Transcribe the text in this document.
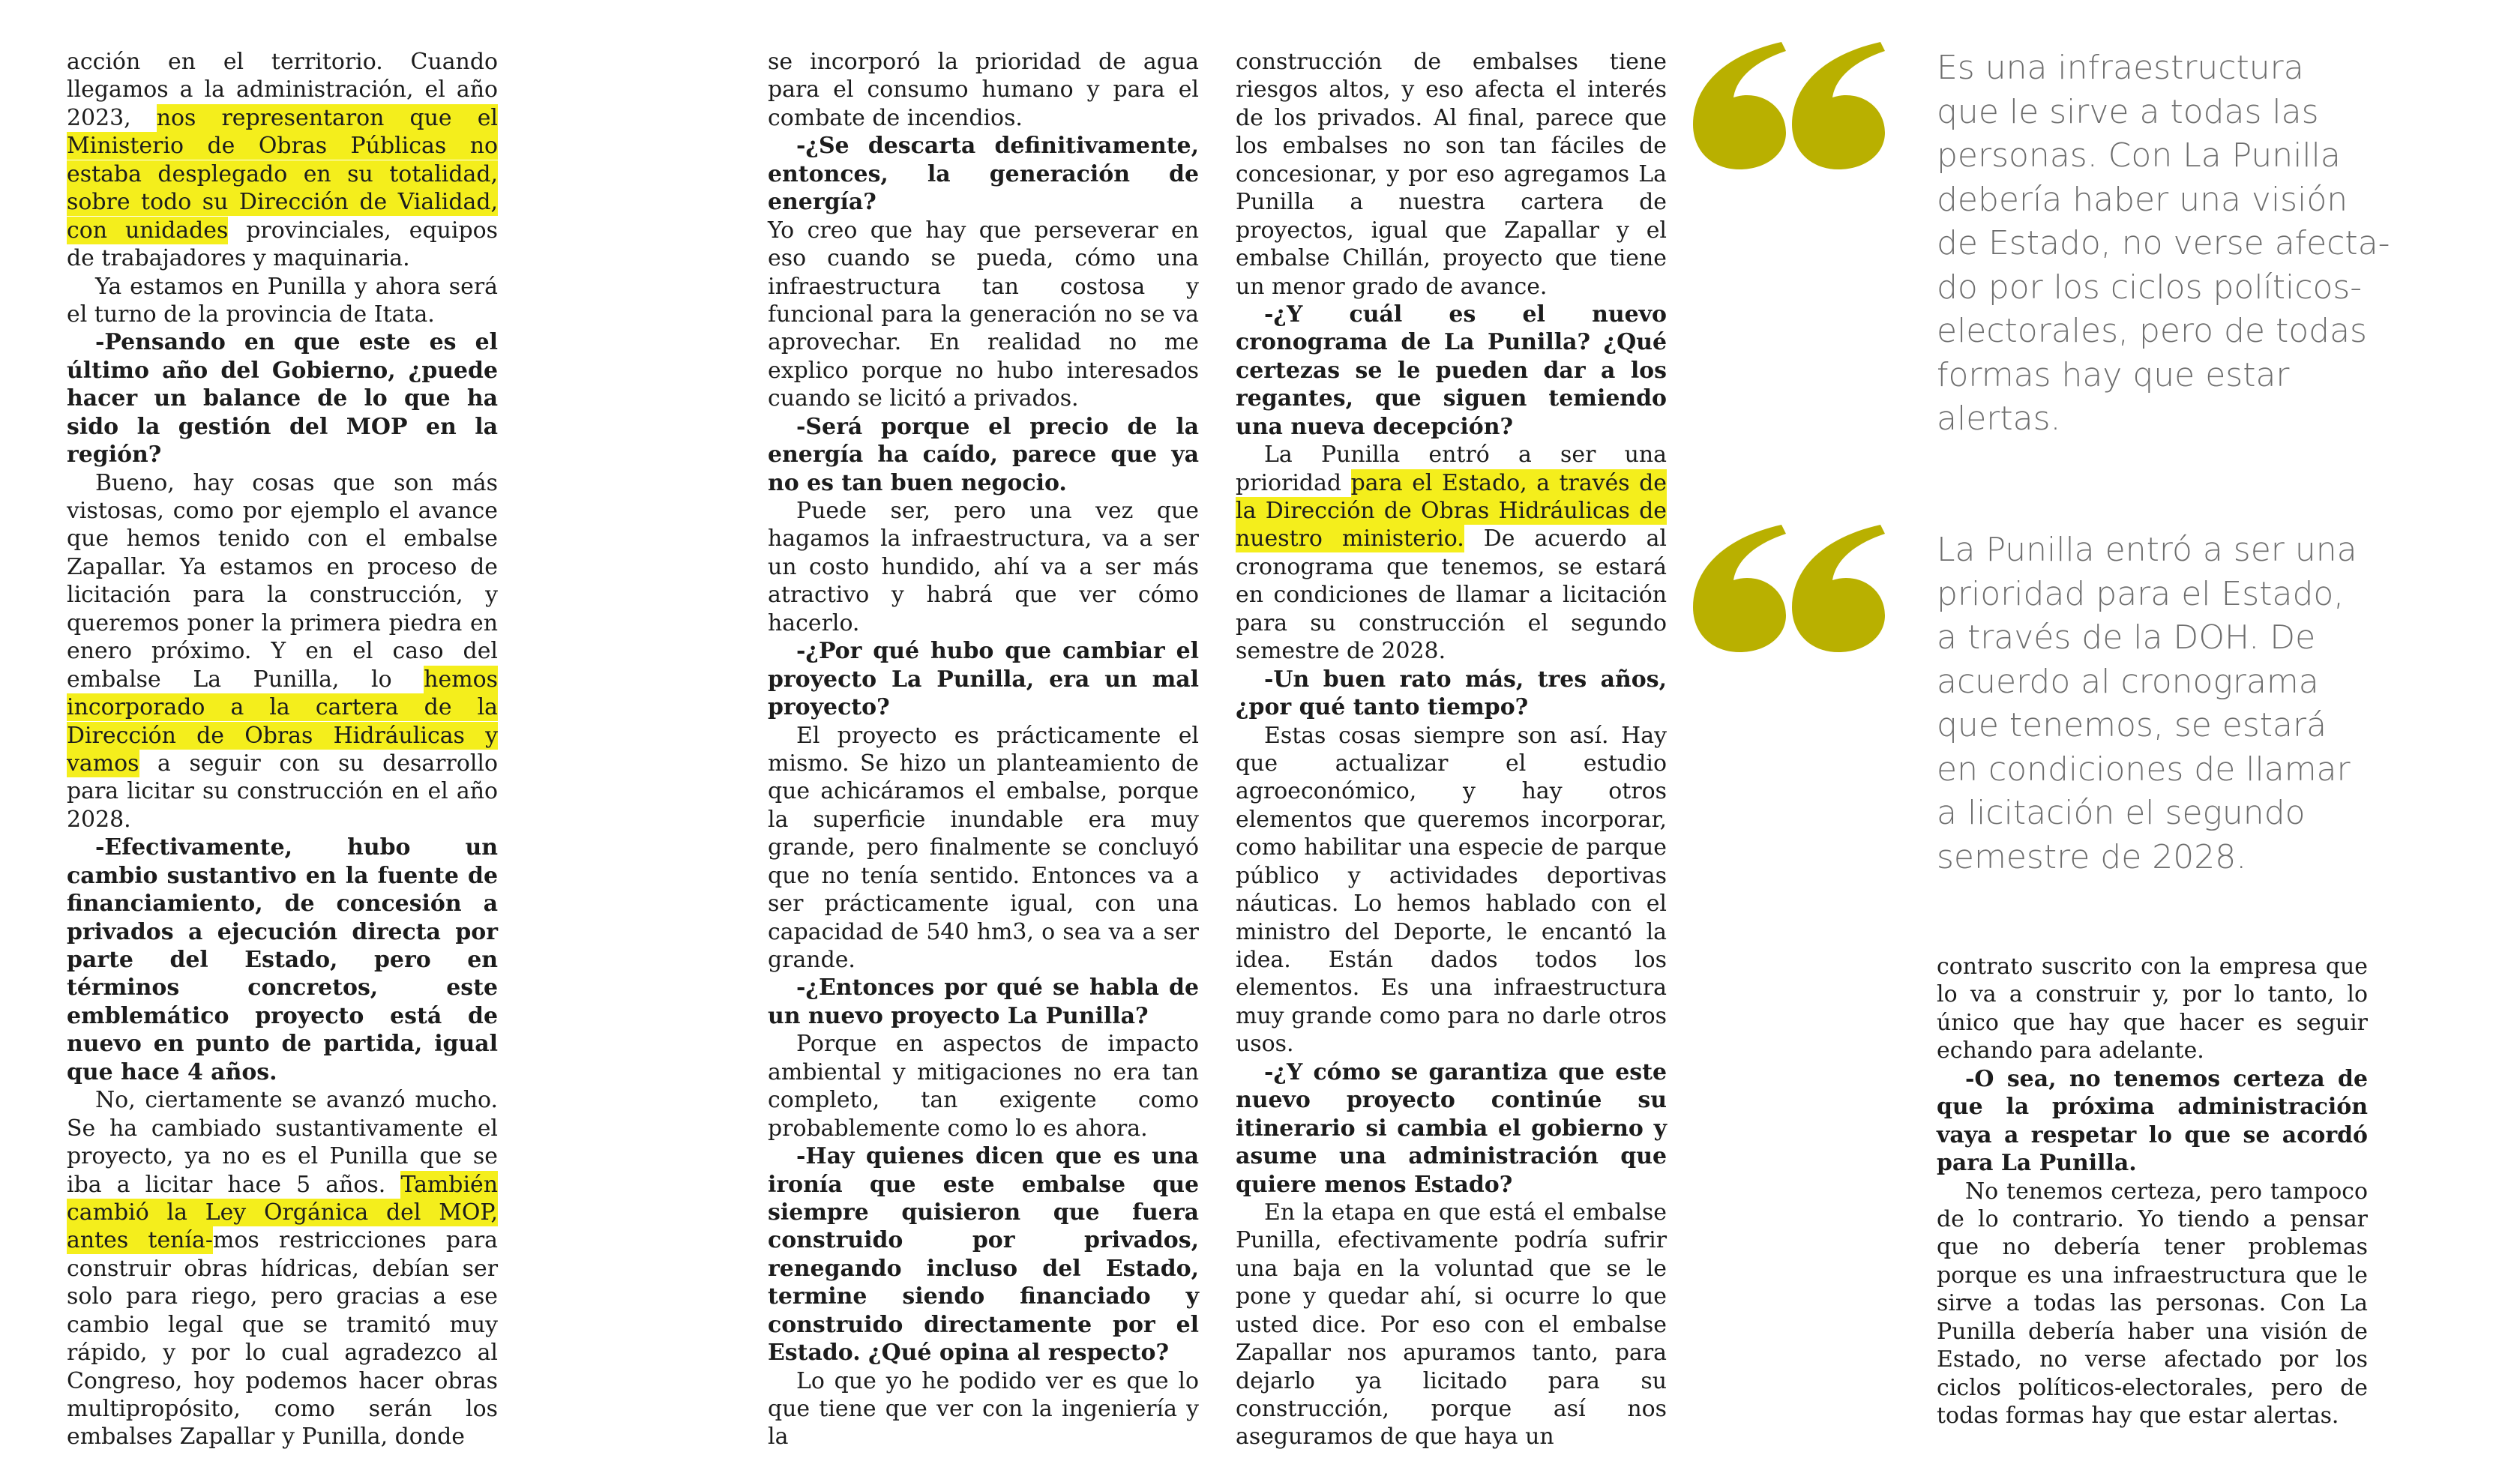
acción en el territorio. Cuando llegamos a la administración, el año 2023, nos representaron que el Ministerio de Obras Públicas no estaba desplegado en su totalidad, sobre todo su Dirección de Vialidad, con unidades provinciales, equipos de trabajadores y maquinaria.

Ya estamos en Punilla y ahora será el turno de la provincia de Itata.

-Pensando en que este es el último año del Gobierno, ¿puede hacer un balance de lo que ha sido la gestión del MOP en la región?

Bueno, hay cosas que son más vistosas, como por ejemplo el avance que hemos tenido con el embalse Zapallar. Ya estamos en proceso de licitación para la construcción, y queremos poner la primera piedra en enero próximo. Y en el caso del embalse La Punilla, lo hemos incorporado a la cartera de la Dirección de Obras Hidráulicas y vamos a seguir con su desarrollo para licitar su construcción en el año 2028.

-Efectivamente, hubo un cambio sustantivo en la fuente de financiamiento, de concesión a privados a ejecución directa por parte del Estado, pero en términos concretos, este emblemático proyecto está de nuevo en punto de partida, igual que hace 4 años.

No, ciertamente se avanzó mucho. Se ha cambiado sustantivamente el proyecto, ya no es el Punilla que se iba a licitar hace 5 años. También cambió la Ley Orgánica del MOP, antes tenía-mos restricciones para construir obras hídricas, debían ser solo para riego, pero gracias a ese cambio legal que se tramitó muy rápido, y por lo cual agradezco al Congreso, hoy podemos hacer obras multipropósito, como serán los embalses Zapallar y Punilla, donde

se incorporó la prioridad de agua para el consumo humano y para el combate de incendios.

-¿Se descarta definitivamente, entonces, la generación de energía?

Yo creo que hay que perseverar en eso cuando se pueda, cómo una infraestructura tan costosa y funcional para la generación no se va aprovechar. En realidad no me explico porque no hubo interesados cuando se licitó a privados.

-Será porque el precio de la energía ha caído, parece que ya no es tan buen negocio.

Puede ser, pero una vez que hagamos la infraestructura, va a ser un costo hundido, ahí va a ser más atractivo y habrá que ver cómo hacerlo.

-¿Por qué hubo que cambiar el proyecto La Punilla, era un mal proyecto?

El proyecto es prácticamente el mismo. Se hizo un planteamiento de que achicáramos el embalse, porque la superficie inundable era muy grande, pero finalmente se concluyó que no tenía sentido. Entonces va a ser prácticamente igual, con una capacidad de 540 hm3, o sea va a ser grande.

-¿Entonces por qué se habla de un nuevo proyecto La Punilla?

Porque en aspectos de impacto ambiental y mitigaciones no era tan completo, tan exigente como probablemente como lo es ahora.

-Hay quienes dicen que es una ironía que este embalse que siempre quisieron que fuera construido por privados, renegando incluso del Estado, termine siendo financiado y construido directamente por el Estado. ¿Qué opina al respecto?

Lo que yo he podido ver es que lo que tiene que ver con la ingeniería y la

construcción de embalses tiene riesgos altos, y eso afecta el interés de los privados. Al final, parece que los embalses no son tan fáciles de concesionar, y por eso agregamos La Punilla a nuestra cartera de proyectos, igual que Zapallar y el embalse Chillán, proyecto que tiene un menor grado de avance.

-¿Y cuál es el nuevo cronograma de La Punilla? ¿Qué certezas se le pueden dar a los regantes, que siguen temiendo una nueva decepción?

La Punilla entró a ser una prioridad para el Estado, a través de la Dirección de Obras Hidráulicas de nuestro ministerio. De acuerdo al cronograma que tenemos, se estará en condiciones de llamar a licitación para su construcción el segundo semestre de 2028.

-Un buen rato más, tres años, ¿por qué tanto tiempo?

Estas cosas siempre son así. Hay que actualizar el estudio agroeconómico, y hay otros elementos que queremos incorporar, como habilitar una especie de parque público y actividades deportivas náuticas. Lo hemos hablado con el ministro del Deporte, le encantó la idea. Están dados todos los elementos. Es una infraestructura muy grande como para no darle otros usos.

-¿Y cómo se garantiza que este nuevo proyecto continúe su itinerario si cambia el gobierno y asume una administración que quiere menos Estado?

En la etapa en que está el embalse Punilla, efectivamente podría sufrir una baja en la voluntad que se le pone y quedar ahí, si ocurre lo que usted dice. Por eso con el embalse Zapallar nos apuramos tanto, para dejarlo ya licitado para su construcción, porque así nos aseguramos de que haya un

Es una infraestructura
que le sirve a todas las
personas. Con La Punilla
debería haber una visión
de Estado, no verse afecta-
do por los ciclos políticos-
electorales, pero de todas
formas hay que estar
alertas.
La Punilla entró a ser una
prioridad para el Estado,
a través de la DOH. De
acuerdo al cronograma
que tenemos, se estará
en condiciones de llamar
a licitación el segundo
semestre de 2028.

contrato suscrito con la empresa que lo va a construir y, por lo tanto, lo único que hay que hacer es seguir echando para adelante.

-O sea, no tenemos certeza de que la próxima administración vaya a respetar lo que se acordó para La Punilla.

No tenemos certeza, pero tampoco de lo contrario. Yo tiendo a pensar que no debería tener problemas porque es una infraestructura que le sirve a todas las personas. Con La Punilla debería haber una visión de Estado, no verse afectado por los ciclos políticos-electorales, pero de todas formas hay que estar alertas.
